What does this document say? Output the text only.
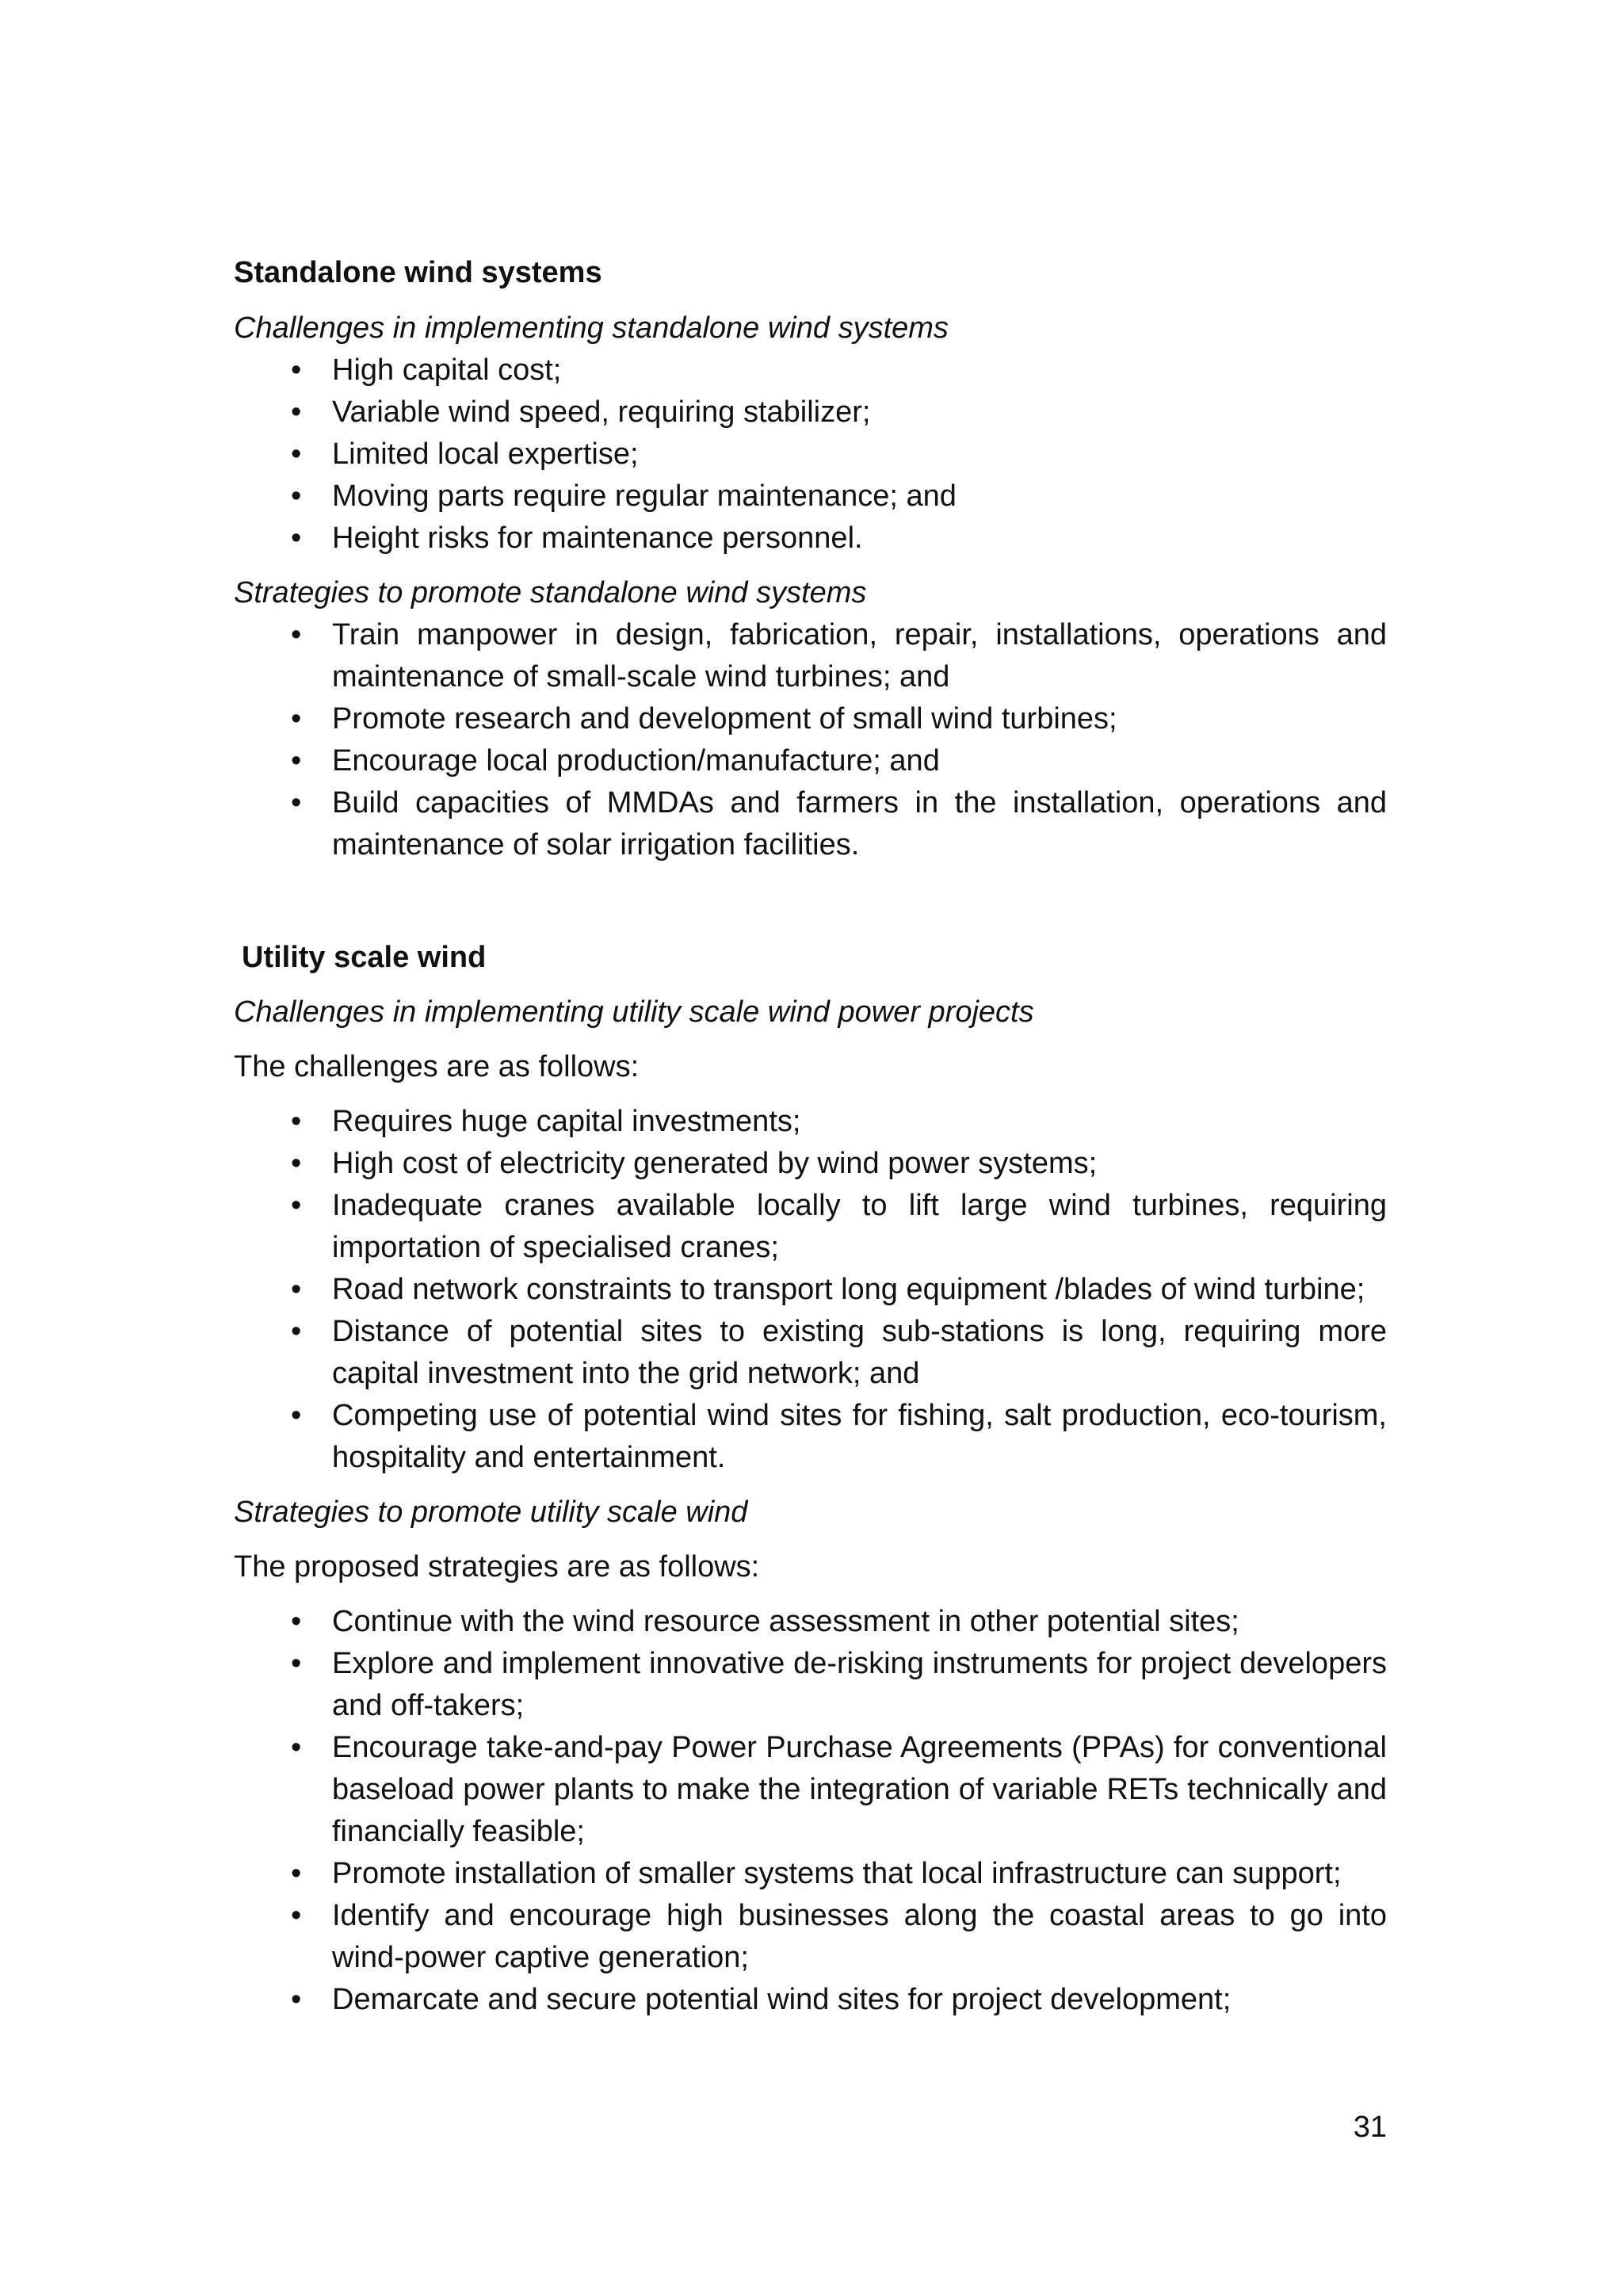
Standalone wind systems

Challenges in implementing standalone wind systems

• High capital cost;
• Variable wind speed, requiring stabilizer;
• Limited local expertise;
• Moving parts require regular maintenance; and
• Height risks for maintenance personnel.

Strategies to promote standalone wind systems

• Train manpower in design, fabrication, repair, installations, operations and maintenance of small-scale wind turbines; and
• Promote research and development of small wind turbines;
• Encourage local production/manufacture; and
• Build capacities of MMDAs and farmers in the installation, operations and maintenance of solar irrigation facilities.

Utility scale wind

Challenges in implementing utility scale wind power projects

The challenges are as follows:

• Requires huge capital investments;
• High cost of electricity generated by wind power systems;
• Inadequate cranes available locally to lift large wind turbines, requiring importation of specialised cranes;
• Road network constraints to transport long equipment /blades of wind turbine;
• Distance of potential sites to existing sub-stations is long, requiring more capital investment into the grid network; and
• Competing use of potential wind sites for fishing, salt production, eco-tourism, hospitality and entertainment.

Strategies to promote utility scale wind

The proposed strategies are as follows:

• Continue with the wind resource assessment in other potential sites;
• Explore and implement innovative de-risking instruments for project developers and off-takers;
• Encourage take-and-pay Power Purchase Agreements (PPAs) for conventional baseload power plants to make the integration of variable RETs technically and financially feasible;
• Promote installation of smaller systems that local infrastructure can support;
• Identify and encourage high businesses along the coastal areas to go into wind-power captive generation;
• Demarcate and secure potential wind sites for project development;
31
